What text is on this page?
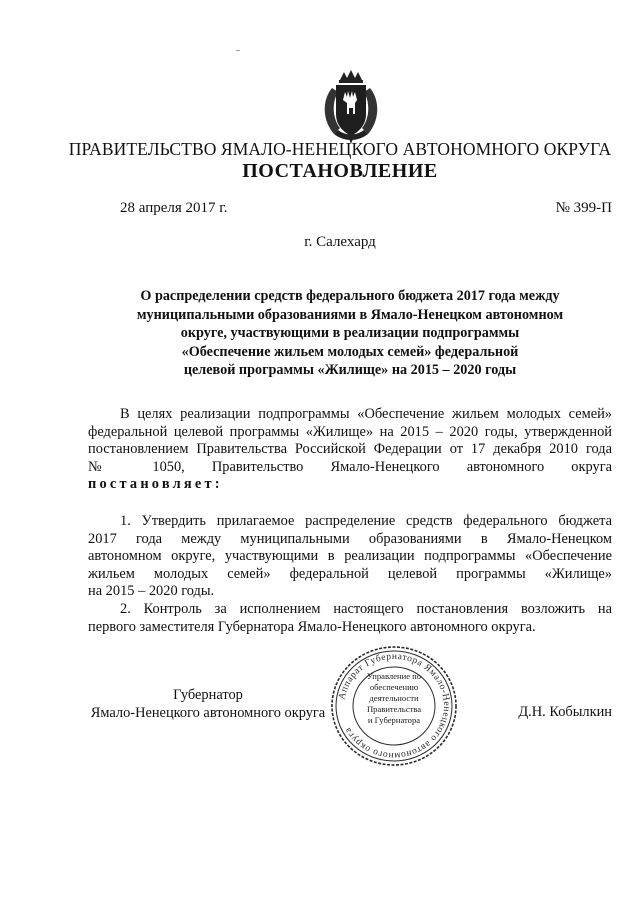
ПРАВИТЕЛЬСТВО ЯМАЛО-НЕНЕЦКОГО АВТОНОМНОГО ОКРУГА
ПОСТАНОВЛЕНИЕ
28 апреля 2017 г.	№ 399-П
г. Салехард
О распределении средств федерального бюджета 2017 года между
муниципальными образованиями в Ямало-Ненецком автономном
округе, участвующими в реализации подпрограммы
«Обеспечение жильем молодых семей» федеральной
целевой программы «Жилище» на 2015 – 2020 годы
В целях реализации подпрограммы «Обеспечение жильем молодых семей»
федеральной целевой программы «Жилище» на 2015 – 2020 годы, утвержденной
постановлением Правительства Российской Федерации от 17 декабря 2010 года
№ 1050, Правительство Ямало-Ненецкого автономного округа
постановляет:
1. Утвердить прилагаемое распределение средств федерального бюджета
2017 года между муниципальными образованиями в Ямало-Ненецком
автономном округе, участвующими в реализации подпрограммы «Обеспечение
жильем молодых семей» федеральной целевой программы «Жилище»
на 2015 – 2020 годы.
2. Контроль за исполнением настоящего постановления возложить на
первого заместителя Губернатора Ямало-Ненецкого автономного округа.
Губернатор
Ямало-Ненецкого автономного округа
Аппарат Губернатора Ямало-Ненецкого автономного округа
Управление по
обеспечению
деятельности
Правительства
и Губернатора	Д.Н. Кобылкин
